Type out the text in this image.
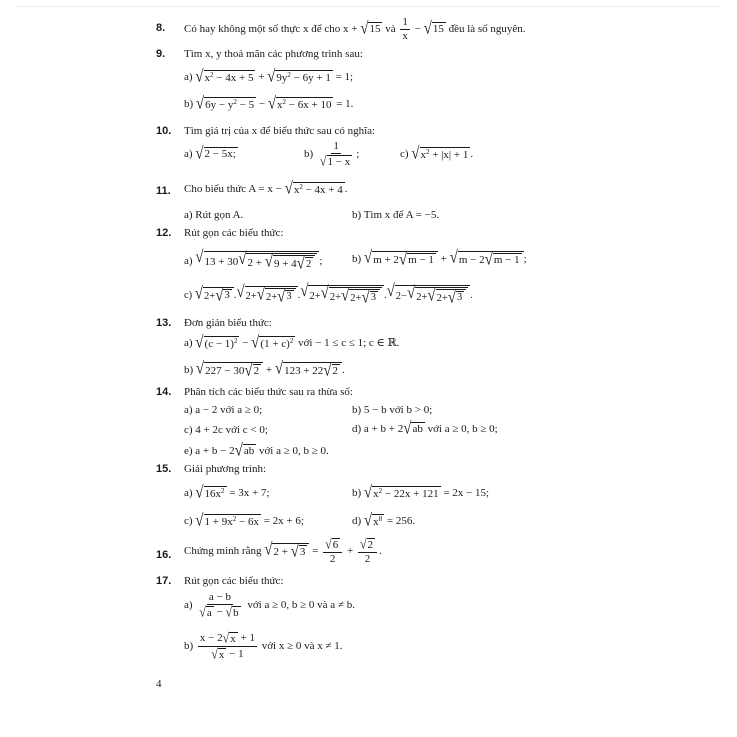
8. Có hay không một số thực x để cho x + √ 15 và $\frac{1}{x}$ − √ 15 đều là số nguyên.
9. Tìm x, y thoả mãn các phương trình sau:
a) √ $x^2 - 4x + 5$ + √ $9y^2 - 6y + 1 = 1$;
b) √ $6y - y^2 - 5$ − √ $x^2 - 6x + 10 = 1$.
10. Tìm giá trị của x để biểu thức sau có nghĩa:
a) √ 2 − 5x;	$b) \frac{1}{√ 1 - x}$ ;	c) √ $x^2 + |x| + 1$ .
11. Cho biểu thức A = x − √ $x^2 - 4x + 4$ .
a) Rút gọn A.	b) Tìm x để A = −5.
12. Rút gọn các biểu thức:
a) √ 13 + 30 √ 2 + √ 9 + 4 √ 2 ;	b) √ m + 2 √ m − 1 + √ m − 2 √ m − 1 ;
c) √ 2+ √ 3 . √ 2+ √ 2+ √ 3 . √ 2+ √ 2+ √ 2+ √ 3 . √ 2− √ 2+ √ 2+ √ 3 .
13. Đơn giản biểu thức:
a) √ $(c - 1)^2$ − √ $(1 + c)^2$ với − 1 ≤ c ≤ 1; c ∈ ℝ.
b) √ 227 − 30 √ 2 + √ 123 + 22 √ 2 .
14. Phân tích các biểu thức sau ra thừa số:
a) a − 2 với a ≥ 0;	b) 5 − b với b > 0;
c) 4 + 2c với c < 0;	d) a + b + 2 √ ab với a ≥ 0, b ≥ 0;
e) a + b − 2 √ ab với a ≥ 0, b ≥ 0.
15. Giải phương trình:
a) √ $16x^2 = 3x + 7$;	b) √ $x^2 - 22x + 121 = 2x - 15$;
c) √ $1 + 9x^2 - 6x = 2x + 6$;	d) √ $x^8 = 256$.
16. Chứng minh rằng √ 2 + √ $3 = \frac{√ 6}{2} + \frac{√ 2}{2}$ .
17. Rút gọn các biểu thức:
$a) \frac{a - b}{√ a - √ b}$ với a ≥ 0, b ≥ 0 và a ≠ b.
$b) \frac{x - 2 √ x + 1}{√ x - 1}$ với x ≥ 0 và x ≠ 1.
4
